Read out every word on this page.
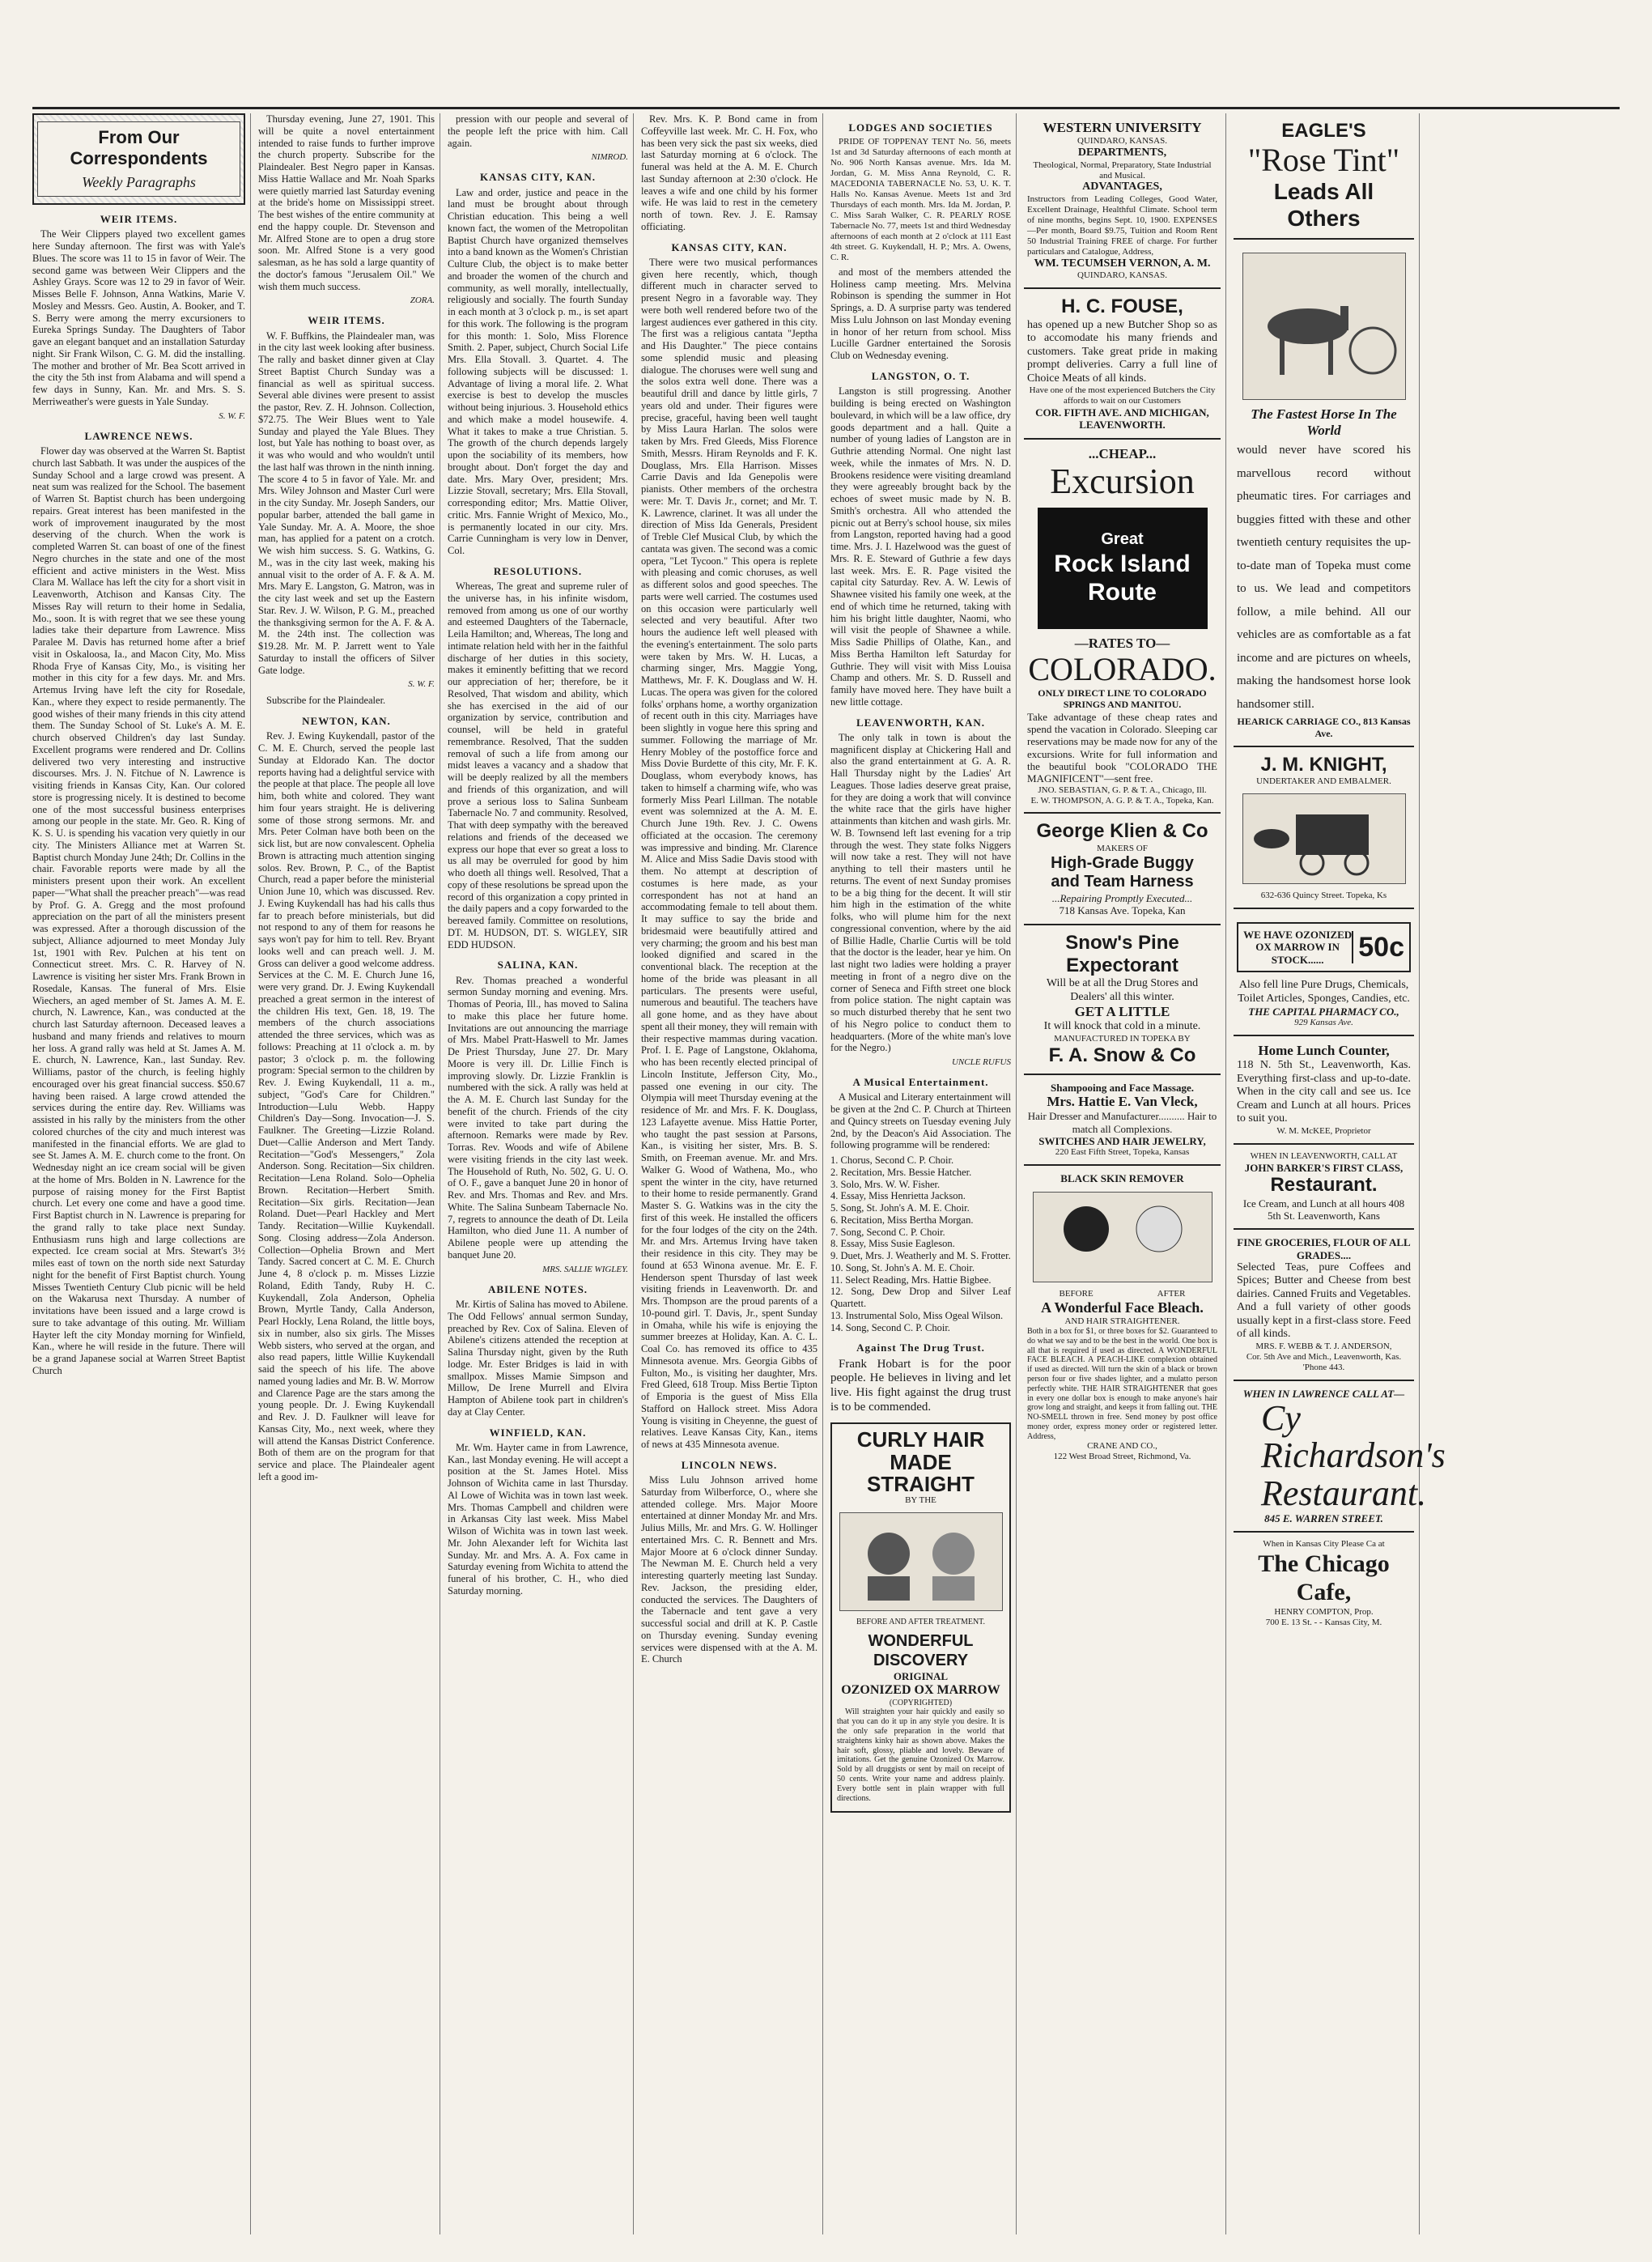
From Our Correspondents
Weekly Paragraphs
WEIR ITEMS.

The Weir Clippers played two excellent games here Sunday afternoon. The first was with Yale's Blues. The score was 11 to 15 in favor of Weir. The second game was between Weir Clippers and the Ashley Grays. Score was 12 to 29 in favor of Weir. Misses Belle F. Johnson, Anna Watkins, Marie V. Mosley and Messrs. Geo. Austin, A. Booker, and T. S. Berry were among the merry excursioners to Eureka Springs Sunday. The Daughters of Tabor gave an elegant banquet and an installation Saturday night. Sir Frank Wilson, C. G. M. did the installing. The mother and brother of Mr. Bea Scott arrived in the city the 5th inst from Alabama and will spend a few days in Sunny, Kan. Mr. and Mrs. S. S. Merriweather's were guests in Yale Sunday.

S. W. F.
LAWRENCE NEWS.

Flower day was observed at the Warren St. Baptist church last Sabbath. It was under the auspices of the Sunday School and a large crowd was present. A neat sum was realized for the School. The basement of Warren St. Baptist church has been undergoing repairs. Great interest has been manifested in the work of improvement inaugurated by the most deserving of the church. When the work is completed Warren St. can boast of one of the finest Negro churches in the state and one of the most efficient and active ministers in the West. Miss Clara M. Wallace has left the city for a short visit in Leavenworth, Atchison and Kansas City. The Misses Ray will return to their home in Sedalia, Mo., soon. It is with regret that we see these young ladies take their departure from Lawrence. Miss Paralee M. Davis has returned home after a brief visit in Oskaloosa, Ia., and Macon City, Mo. Miss Rhoda Frye of Kansas City, Mo., is visiting her mother in this city for a few days. Mr. and Mrs. Artemus Irving have left the city for Rosedale, Kan., where they expect to reside permanently. The good wishes of their many friends in this city attend them. The Sunday School of St. Luke's A. M. E. church observed Children's day last Sunday. Excellent programs were rendered and Dr. Collins delivered two very interesting and instructive discourses. Mrs. J. N. Fitchue of N. Lawrence is visiting friends in Kansas City, Kan. Our colored store is progressing nicely. It is destined to become one of the most successful business enterprises among our people in the state. Mr. Geo. R. King of K. S. U. is spending his vacation very quietly in our city. The Ministers Alliance met at Warren St. Baptist church Monday June 24th; Dr. Collins in the chair. Favorable reports were made by all the ministers present upon their work. An excellent paper—"What shall the preacher preach"—was read by Prof. G. A. Gregg and the most profound appreciation on the part of all the ministers present was expressed. After a thorough discussion of the subject, Alliance adjourned to meet Monday July 1st, 1901 with Rev. Pulchen at his tent on Connecticut street. Mrs. C. R. Harvey of N. Lawrence is visiting her sister Mrs. Frank Brown in Rosedale, Kansas. The funeral of Mrs. Elsie Wiechers, an aged member of St. James A. M. E. church, N. Lawrence, Kan., was conducted at the church last Saturday afternoon. Deceased leaves a husband and many friends and relatives to mourn her loss. A grand rally was held at St. James A. M. E. church, N. Lawrence, Kan., last Sunday. Rev. Williams, pastor of the church, is feeling highly encouraged over his great financial success. $50.67 having been raised. A large crowd attended the services during the entire day. Rev. Williams was assisted in his rally by the ministers from the other colored churches of the city and much interest was manifested in the financial efforts. We are glad to see St. James A. M. E. church come to the front. On Wednesday night an ice cream social will be given at the home of Mrs. Bolden in N. Lawrence for the purpose of raising money for the First Baptist church. Let every one come and have a good time. First Baptist church in N. Lawrence is preparing for the grand rally to take place next Sunday. Enthusiasm runs high and large collections are expected. Ice cream social at Mrs. Stewart's 3½ miles east of town on the north side next Saturday night for the benefit of First Baptist church. Young Misses Twentieth Century Club picnic will be held on the Wakarusa next Thursday. A number of invitations have been issued and a large crowd is sure to take advantage of this outing. Mr. William Hayter left the city Monday morning for Winfield, Kan., where he will reside in the future. There will be a grand Japanese social at Warren Street Baptist Church

Thursday evening, June 27, 1901. This will be quite a novel entertainment intended to raise funds to further improve the church property. Subscribe for the Plaindealer. Best Negro paper in Kansas. Miss Hattie Wallace and Mr. Noah Sparks were quietly married last Saturday evening at the bride's home on Mississippi street. The best wishes of the entire community at end the happy couple. Dr. Stevenson and Mr. Alfred Stone are to open a drug store soon. Mr. Alfred Stone is a very good salesman, as he has sold a large quantity of the doctor's famous "Jerusalem Oil." We wish them much success.

ZORA.
WEIR ITEMS.

W. F. Buffkins, the Plaindealer man, was in the city last week looking after business. The rally and basket dinner given at Clay Street Baptist Church Sunday was a financial as well as spiritual success. Several able divines were present to assist the pastor, Rev. Z. H. Johnson. Collection, $72.75. The Weir Blues went to Yale Sunday and played the Yale Blues. They lost, but Yale has nothing to boast over, as it was who would and who wouldn't until the last half was thrown in the ninth inning. The score 4 to 5 in favor of Yale. Mr. and Mrs. Wiley Johnson and Master Curl were in the city Sunday. Mr. Joseph Sanders, our popular barber, attended the ball game in Yale Sunday. Mr. A. A. Moore, the shoe man, has applied for a patent on a crotch. We wish him success. S. G. Watkins, G. M., was in the city last week, making his annual visit to the order of A. F. & A. M. Mrs. Mary E. Langston, G. Matron, was in the city last week and set up the Eastern Star. Rev. J. W. Wilson, P. G. M., preached the thanksgiving sermon for the A. F. & A. M. the 24th inst. The collection was $19.28. Mr. M. P. Jarrett went to Yale Saturday to install the officers of Silver Gate lodge.

S. W. F.

Subscribe for the Plaindealer.

NEWTON, KAN.

Rev. J. Ewing Kuykendall, pastor of the C. M. E. Church, served the people last Sunday at Eldorado Kan. The doctor reports having had a delightful service with the people at that place. The people all love him, both white and colored. They want him four years straight. He is delivering some of those strong sermons. Mr. and Mrs. Peter Colman have both been on the sick list, but are now convalescent. Ophelia Brown is attracting much attention singing solos. Rev. Brown, P. C., of the Baptist Church, read a paper before the ministerial Union June 10, which was discussed. Rev. J. Ewing Kuykendall has had his calls thus far to preach before ministerials, but did not respond to any of them for reasons he says won't pay for him to tell. Rev. Bryant looks well and can preach well. J. M. Gross can deliver a good welcome address. Services at the C. M. E. Church June 16, were very grand. Dr. J. Ewing Kuykendall preached a great sermon in the interest of the children His text, Gen. 18, 19. The members of the church associations attended the three services, which was as follows: Preaching at 11 o'clock a. m. by pastor; 3 o'clock p. m. the following program: Special sermon to the children by Rev. J. Ewing Kuykendall, 11 a. m., subject, "God's Care for Children." Introduction—Lulu Webb. Happy Children's Day—Song. Invocation—J. S. Faulkner. The Greeting—Lizzie Roland. Duet—Callie Anderson and Mert Tandy. Recitation—"God's Messengers," Zola Anderson. Song. Recitation—Six children. Recitation—Lena Roland. Solo—Ophelia Brown. Recitation—Herbert Smith. Recitation—Six girls. Recitation—Jean Roland. Duet—Pearl Hackley and Mert Tandy. Recitation—Willie Kuykendall. Song. Closing address—Zola Anderson. Collection—Ophelia Brown and Mert Tandy. Sacred concert at C. M. E. Church June 4, 8 o'clock p. m. Misses Lizzie Roland, Edith Tandy, Ruby H. C. Kuykendall, Zola Anderson, Ophelia Brown, Myrtle Tandy, Calla Anderson, Pearl Hockly, Lena Roland, the little boys, six in number, also six girls. The Misses Webb sisters, who served at the organ, and also read papers, little Willie Kuykendall said the speech of his life. The above named young ladies and Mr. B. W. Morrow and Clarence Page are the stars among the young people. Dr. J. Ewing Kuykendall and Rev. J. D. Faulkner will leave for Kansas City, Mo., next week, where they will attend the Kansas District Conference. Both of them are on the program for that service and place. The Plaindealer agent left a good im-

pression with our people and several of the people left the price with him. Call again.

NIMROD.
KANSAS CITY, KAN.

Law and order, justice and peace in the land must be brought about through Christian education. This being a well known fact, the women of the Metropolitan Baptist Church have organized themselves into a band known as the Women's Christian Culture Club, the object is to make better and broader the women of the church and community, as well morally, intellectually, religiously and socially. The fourth Sunday in each month at 3 o'clock p. m., is set apart for this work. The following is the program for this month: 1. Solo, Miss Florence Smith. 2. Paper, subject, Church Social Life Mrs. Ella Stovall. 3. Quartet. 4. The following subjects will be discussed: 1. Advantage of living a moral life. 2. What exercise is best to develop the muscles without being injurious. 3. Household ethics and which make a model housewife. 4. What it takes to make a true Christian. 5. The growth of the church depends largely upon the sociability of its members, how brought about. Don't forget the day and date. Mrs. Mary Over, president; Mrs. Lizzie Stovall, secretary; Mrs. Ella Stovall, corresponding editor; Mrs. Mattie Oliver, critic. Mrs. Fannie Wright of Mexico, Mo., is permanently located in our city. Mrs. Carrie Cunningham is very low in Denver, Col.

RESOLUTIONS.

Whereas, The great and supreme ruler of the universe has, in his infinite wisdom, removed from among us one of our worthy and esteemed Daughters of the Tabernacle, Leila Hamilton; and, Whereas, The long and intimate relation held with her in the faithful discharge of her duties in this society, makes it eminently befitting that we record our appreciation of her; therefore, be it Resolved, That wisdom and ability, which she has exercised in the aid of our organization by service, contribution and counsel, will be held in grateful remembrance. Resolved, That the sudden removal of such a life from among our midst leaves a vacancy and a shadow that will be deeply realized by all the members and friends of this organization, and will prove a serious loss to Salina Sunbeam Tabernacle No. 7 and community. Resolved, That with deep sympathy with the bereaved relations and friends of the deceased we express our hope that ever so great a loss to us all may be overruled for good by him who doeth all things well. Resolved, That a copy of these resolutions be spread upon the record of this organization a copy printed in the daily papers and a copy forwarded to the bereaved family. Committee on resolutions, DT. M. HUDSON, DT. S. WIGLEY, SIR EDD HUDSON.

SALINA, KAN.

Rev. Thomas preached a wonderful sermon Sunday morning and evening. Mrs. Thomas of Peoria, Ill., has moved to Salina to make this place her future home. Invitations are out announcing the marriage of Mrs. Mabel Pratt-Haswell to Mr. James De Priest Thursday, June 27. Dr. Mary Moore is very ill. Dr. Lillie Finch is improving slowly. Dr. Lizzie Franklin is numbered with the sick. A rally was held at the A. M. E. Church last Sunday for the benefit of the church. Friends of the city were invited to take part during the afternoon. Remarks were made by Rev. Torras. Rev. Woods and wife of Abilene were visiting friends in the city last week. The Household of Ruth, No. 502, G. U. O. of O. F., gave a banquet June 20 in honor of Rev. and Mrs. Thomas and Rev. and Mrs. White. The Salina Sunbeam Tabernacle No. 7, regrets to announce the death of Dt. Leila Hamilton, who died June 11. A number of Abilene people were up attending the banquet June 20.

MRS. SALLIE WIGLEY.
ABILENE NOTES.

Mr. Kirtis of Salina has moved to Abilene. The Odd Fellows' annual sermon Sunday, preached by Rev. Cox of Salina. Eleven of Abilene's citizens attended the reception at Salina Thursday night, given by the Ruth lodge. Mr. Ester Bridges is laid in with smallpox. Misses Mamie Simpson and Millow, De Irene Murrell and Elvira Hampton of Abilene took part in children's day at Clay Center.

WINFIELD, KAN.

Mr. Wm. Hayter came in from Lawrence, Kan., last Monday evening. He will accept a position at the St. James Hotel. Miss Johnson of Wichita came in last Thursday. Al Lowe of Wichita was in town last week. Mrs. Thomas Campbell and children were in Arkansas City last week. Miss Mabel Wilson of Wichita was in town last week. Mr. John Alexander left for Wichita last Sunday. Mr. and Mrs. A. A. Fox came in Saturday evening from Wichita to attend the funeral of his brother, C. H., who died Saturday morning.

Rev. Mrs. K. P. Bond came in from Coffeyville last week. Mr. C. H. Fox, who has been very sick the past six weeks, died last Saturday morning at 6 o'clock. The funeral was held at the A. M. E. Church last Sunday afternoon at 2:30 o'clock. He leaves a wife and one child by his former wife. He was laid to rest in the cemetery north of town. Rev. J. E. Ramsay officiating.

KANSAS CITY, KAN.

There were two musical performances given here recently, which, though different much in character served to present Negro in a favorable way. They were both well rendered before two of the largest audiences ever gathered in this city. The first was a religious cantata "Jeptha and His Daughter." The piece contains some splendid music and pleasing dialogue. The choruses were well sung and the solos extra well done. There was a beautiful drill and dance by little girls, 7 years old and under. Their figures were precise, graceful, having been well taught by Miss Laura Harlan. The solos were taken by Mrs. Fred Gleeds, Miss Florence Smith, Messrs. Hiram Reynolds and F. K. Douglass, Mrs. Ella Harrison. Misses Carrie Davis and Ida Genepolis were pianists. Other members of the orchestra were: Mr. T. Davis Jr., cornet; and Mr. T. K. Lawrence, clarinet. It was all under the direction of Miss Ida Generals, President of Treble Clef Musical Club, by which the cantata was given. The second was a comic opera, "Let Tycoon." This opera is replete with pleasing and comic choruses, as well as different solos and good speeches. The parts were well carried. The costumes used on this occasion were particularly well selected and very beautiful. After two hours the audience left well pleased with the evening's entertainment. The solo parts were taken by Mrs. W. H. Lucas, a charming singer, Mrs. Maggie Yong, Matthews, Mr. F. K. Douglass and W. H. Lucas. The opera was given for the colored folks' orphans home, a worthy organization of recent outh in this city. Marriages have been slightly in vogue here this spring and summer. Following the marriage of Mr. Henry Mobley of the postoffice force and Miss Dovie Burdette of this city, Mr. F. K. Douglass, whom everybody knows, has taken to himself a charming wife, who was formerly Miss Pearl Lillman. The notable event was solemnized at the A. M. E. Church June 19th. Rev. J. C. Owens officiated at the occasion. The ceremony was impressive and binding. Mr. Clarence M. Alice and Miss Sadie Davis stood with them. No attempt at description of costumes is here made, as your correspondent has not at hand an accommodating female to tell about them. It may suffice to say the bride and bridesmaid were beautifully attired and very charming; the groom and his best man looked dignified and scared in the conventional black. The reception at the home of the bride was pleasant in all particulars. The presents were useful, numerous and beautiful. The teachers have all gone home, and as they have about spent all their money, they will remain with their respective mammas during vacation. Prof. I. E. Page of Langstone, Oklahoma, who has been recently elected principal of Lincoln Institute, Jefferson City, Mo., passed one evening in our city. The Olympia will meet Thursday evening at the residence of Mr. and Mrs. F. K. Douglass, 123 Lafayette avenue. Miss Hattie Porter, who taught the past session at Parsons, Kan., is visiting her sister, Mrs. B. S. Smith, on Freeman avenue. Mr. and Mrs. Walker G. Wood of Wathena, Mo., who spent the winter in the city, have returned to their home to reside permanently. Grand Master S. G. Watkins was in the city the first of this week. He installed the officers for the four lodges of the city on the 24th. Mr. and Mrs. Artemus Irving have taken their residence in this city. They may be found at 653 Winona avenue. Mr. E. F. Henderson spent Thursday of last week visiting friends in Leavenworth. Dr. and Mrs. Thompson are the proud parents of a 10-pound girl. T. Davis, Jr., spent Sunday in Omaha, while his wife is enjoying the summer breezes at Holiday, Kan. A. C. L. Coal Co. has removed its office to 435 Minnesota avenue. Mrs. Georgia Gibbs of Fulton, Mo., is visiting her daughter, Mrs. Fred Gleed, 618 Troup. Miss Bertie Tipton of Emporia is the guest of Miss Ella Stafford on Hallock street. Miss Adora Young is visiting in Cheyenne, the guest of relatives. Leave Kansas City, Kan., items of news at 435 Minnesota avenue.

LINCOLN NEWS.

Miss Lulu Johnson arrived home Saturday from Wilberforce, O., where she attended college. Mrs. Major Moore entertained at dinner Monday Mr. and Mrs. Julius Mills, Mr. and Mrs. G. W. Hollinger entertained Mrs. C. R. Bennett and Mrs. Major Moore at 6 o'clock dinner Sunday. The Newman M. E. Church held a very interesting quarterly meeting last Sunday. Rev. Jackson, the presiding elder, conducted the services. The Daughters of the Tabernacle and tent gave a very successful social and drill at K. P. Castle on Thursday evening. Sunday evening services were dispensed with at the A. M. E. Church

LODGES AND SOCIETIES

PRIDE OF TOPPENAY TENT No. 56, meets 1st and 3d Saturday afternoons of each month at No. 906 North Kansas avenue. Mrs. Ida M. Jordan, G. M. Miss Anna Reynold, C. R. MACEDONIA TABERNACLE No. 53, U. K. T. Halls No. Kansas Avenue. Meets 1st and 3rd Thursdays of each month. Mrs. Ida M. Jordan, P. C. Miss Sarah Walker, C. R. PEARLY ROSE Tabernacle No. 77, meets 1st and third Wednesday afternoons of each month at 2 o'clock at 111 East 4th street. G. Kuykendall, H. P.; Mrs. A. Owens, C. R.

and most of the members attended the Holiness camp meeting. Mrs. Melvina Robinson is spending the summer in Hot Springs, a. D. A surprise party was tendered Miss Lulu Johnson on last Monday evening in honor of her return from school. Miss Lucille Gardner entertained the Sorosis Club on Wednesday evening.

LANGSTON, O. T.

Langston is still progressing. Another building is being erected on Washington boulevard, in which will be a law office, dry goods department and a hall. Quite a number of young ladies of Langston are in Guthrie attending Normal. One night last week, while the inmates of Mrs. N. D. Brookens residence were visiting dreamland they were agreeably brought back by the echoes of sweet music made by N. B. Smith's orchestra. All who attended the picnic out at Berry's school house, six miles from Langston, reported having had a good time. Mrs. J. I. Hazelwood was the guest of Mrs. R. E. Steward of Guthrie a few days last week. Mrs. E. R. Page visited the capital city Saturday. Rev. A. W. Lewis of Shawnee visited his family one week, at the end of which time he returned, taking with him his bright little daughter, Naomi, who will visit the people of Shawnee a while. Miss Sadie Phillips of Olathe, Kan., and Miss Bertha Hamilton left Saturday for Guthrie. They will visit with Miss Louisa Champ and others. Mr. S. D. Russell and family have moved here. They have built a new little cottage.

LEAVENWORTH, KAN.

The only talk in town is about the magnificent display at Chickering Hall and also the grand entertainment at G. A. R. Hall Thursday night by the Ladies' Art Leagues. Those ladies deserve great praise, for they are doing a work that will convince the white race that the girls have higher attainments than kitchen and wash girls. Mr. W. B. Townsend left last evening for a trip through the west. They state folks Niggers will now take a rest. They will not have anything to tell their masters until he returns. The event of next Sunday promises to be a big thing for the decent. It will stir him high in the estimation of the white folks, who will plume him for the next congressional convention, where by the aid of Billie Hadle, Charlie Curtis will be told that the doctor is the leader, hear ye him. On last night two ladies were holding a prayer meeting in front of a negro dive on the corner of Seneca and Fifth street one block from police station. The night captain was so much disturbed thereby that he sent two of his Negro police to conduct them to headquarters. (More of the white man's love for the Negro.)

UNCLE RUFUS
A Musical Entertainment.

A Musical and Literary entertainment will be given at the 2nd C. P. Church at Thirteen and Quincy streets on Tuesday evening July 2nd, by the Deacon's Aid Association. The following programme will be rendered:

1. Chorus, Second C. P. Choir.
2. Recitation, Mrs. Bessie Hatcher.
3. Solo, Mrs. W. W. Fisher.
4. Essay, Miss Henrietta Jackson.
5. Song, St. John's A. M. E. Choir.
6. Recitation, Miss Bertha Morgan.
7. Song, Second C. P. Choir.
8. Essay, Miss Susie Eagleson.
9. Duet, Mrs. J. Weatherly and M. S. Frotter.
10. Song, St. John's A. M. E. Choir.
11. Select Reading, Mrs. Hattie Bigbee.
12. Song, Dew Drop and Silver Leaf Quartett.
13. Instrumental Solo, Miss Ogeal Wilson.
14. Song, Second C. P. Choir.
Against The Drug Trust.

Frank Hobart is for the poor people. He believes in living and let live. His fight against the drug trust is to be commended.

CURLY HAIR MADE STRAIGHT
BY THE
BEFORE AND AFTER TREATMENT.
WONDERFUL DISCOVERY
ORIGINAL
OZONIZED OX MARROW
(COPYRIGHTED)

Will straighten your hair quickly and easily so that you can do it up in any style you desire. It is the only safe preparation in the world that straightens kinky hair as shown above. Makes the hair soft, glossy, pliable and lovely. Beware of imitations. Get the genuine Ozonized Ox Marrow. Sold by all druggists or sent by mail on receipt of 50 cents. Write your name and address plainly. Every bottle sent in plain wrapper with full directions.

WESTERN UNIVERSITY
QUINDARO, KANSAS.
DEPARTMENTS,
Theological, Normal, Preparatory, State Industrial and Musical.
ADVANTAGES,
Instructors from Leading Colleges, Good Water, Excellent Drainage, Healthful Climate. School term of nine months, begins Sept. 10, 1900. EXPENSES—Per month, Board $9.75, Tuition and Room Rent 50 Industrial Training FREE of charge. For further particulars and Catalogue, Address,
WM. TECUMSEH VERNON, A. M.
QUINDARO, KANSAS.
H. C. FOUSE,
has opened up a new Butcher Shop so as to accomodate his many friends and customers. Take great pride in making prompt deliveries. Carry a full line of Choice Meats of all kinds.
Have one of the most experienced Butchers the City affords to wait on our Customers
COR. FIFTH AVE. AND MICHIGAN, LEAVENWORTH.
...CHEAP...
Excursion
Great
Rock Island
Route
—RATES TO—
COLORADO.
ONLY DIRECT LINE TO COLORADO SPRINGS AND MANITOU.
Take advantage of these cheap rates and spend the vacation in Colorado. Sleeping car reservations may be made now for any of the excursions. Write for full information and the beautiful book "COLORADO THE MAGNIFICENT"—sent free.
JNO. SEBASTIAN, G. P. & T. A., Chicago, Ill.
E. W. THOMPSON, A. G. P. & T. A., Topeka, Kan.
George Klien & Co
MAKERS OF
High-Grade Buggy
and Team Harness
...Repairing Promptly Executed...
718 Kansas Ave. Topeka, Kan
Snow's Pine Expectorant
Will be at all the Drug Stores and Dealers' all this winter.
GET A LITTLE
It will knock that cold in a minute.
MANUFACTURED IN TOPEKA BY
F. A. Snow & Co
Shampooing and Face Massage.
Mrs. Hattie E. Van Vleck,
Hair Dresser and Manufacturer.......... Hair to match all Complexions.
SWITCHES AND HAIR JEWELRY,
220 East Fifth Street, Topeka, Kansas
BLACK SKIN REMOVER
BEFORE	AFTER
A Wonderful Face Bleach.
AND HAIR STRAIGHTENER.
Both in a box for $1, or three boxes for $2. Guaranteed to do what we say and to be the best in the world. One box is all that is required if used as directed. A WONDERFUL FACE BLEACH. A PEACH-LIKE complexion obtained if used as directed. Will turn the skin of a black or brown person four or five shades lighter, and a mulatto person perfectly white. THE HAIR STRAIGHTENER that goes in every one dollar box is enough to make anyone's hair grow long and straight, and keeps it from falling out. THE NO-SMELL thrown in free. Send money by post office money order, express money order or registered letter. Address,
CRANE AND CO.,
122 West Broad Street, Richmond, Va.
EAGLE'S
"Rose Tint"
Leads All Others
The Fastest Horse In The World
would never have scored his marvellous record without pheumatic tires. For carriages and buggies fitted with these and other twentieth century requisites the up-to-date man of Topeka must come to us. We lead and competitors follow, a mile behind. All our vehicles are as comfortable as a fat income and are pictures on wheels, making the handsomest horse look handsomer still.
HEARICK CARRIAGE CO., 813 Kansas Ave.
J. M. KNIGHT,
UNDERTAKER AND EMBALMER.
632-636 Quincy Street. Topeka, Ks
WE HAVE OZONIZED OX MARROW IN STOCK......	50c
Also fell line Pure Drugs, Chemicals, Toilet Articles, Sponges, Candies, etc.
THE CAPITAL PHARMACY CO.,
929 Kansas Ave.
Home Lunch Counter,
118 N. 5th St., Leavenworth, Kas. Everything first-class and up-to-date. When in the city call and see us. Ice Cream and Lunch at all hours. Prices to suit you.
W. M. McKEE, Proprietor
WHEN IN LEAVENWORTH, CALL AT
JOHN BARKER'S FIRST CLASS,
Restaurant.
Ice Cream, and Lunch at all hours 408 5th St. Leavenworth, Kans
FINE GROCERIES, FLOUR OF ALL GRADES....
Selected Teas, pure Coffees and Spices; Butter and Cheese from best dairies. Canned Fruits and Vegetables. And a full variety of other goods usually kept in a first-class store. Feed of all kinds.
MRS. F. WEBB & T. J. ANDERSON,
Cor. 5th Ave and Mich., Leavenworth, Kas. 'Phone 443.
WHEN IN LAWRENCE CALL AT—
Cy Richardson's Restaurant.
845 E. WARREN STREET.
When in Kansas City Please Ca at
The Chicago Cafe,
HENRY COMPTON, Prop.
700 E. 13 St. - - Kansas City, M.
